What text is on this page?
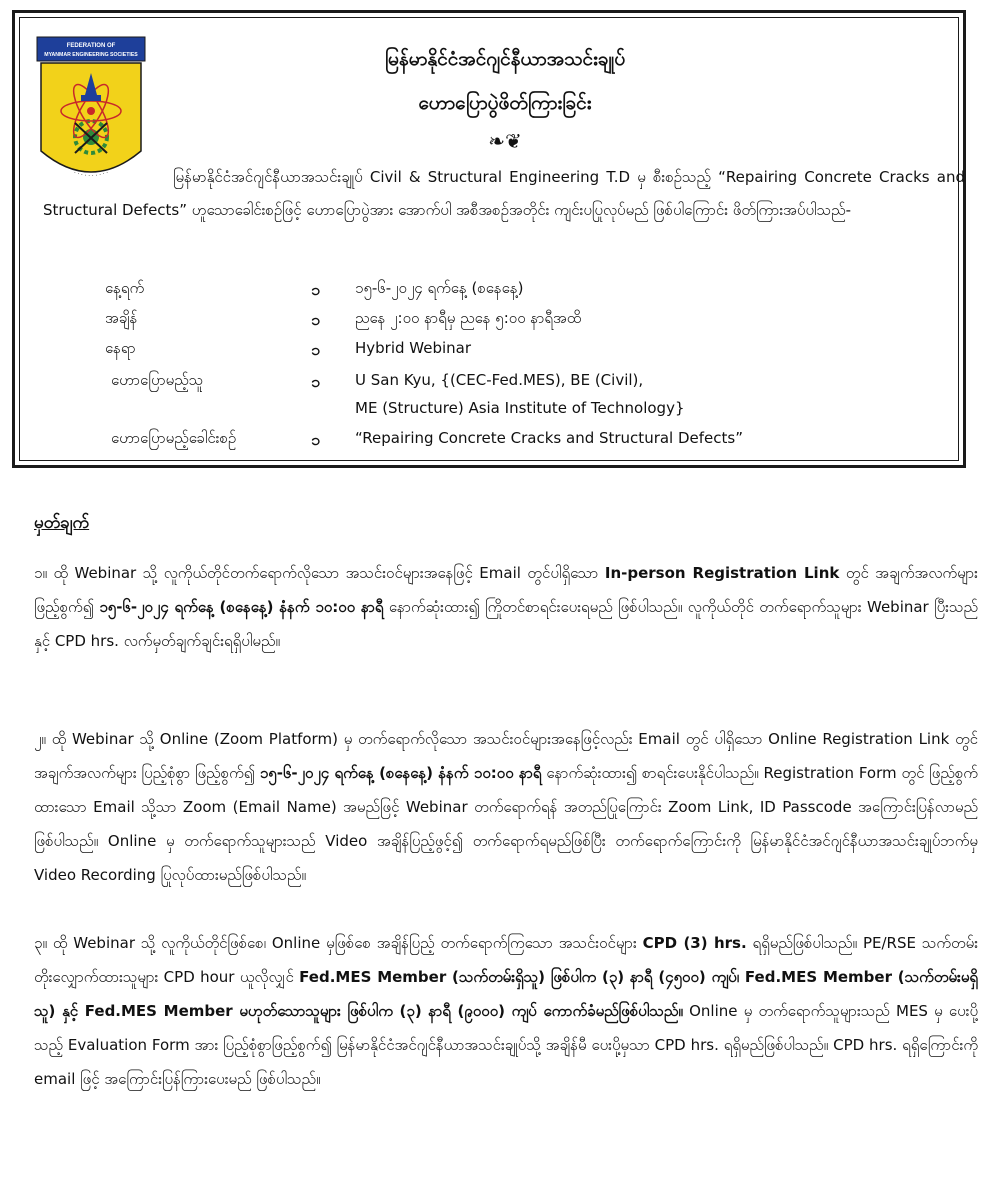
FEDERATION OF
MYANMAR ENGINEERING SOCIETIES
· · · · · · · · · ·
မြန်မာနိုင်ငံအင်ဂျင်နီယာအသင်းချုပ်
ဟောပြောပွဲဖိတ်ကြားခြင်း
❧❦

မြန်မာနိုင်ငံအင်ဂျင်နီယာအသင်းချုပ် Civil & Structural Engineering T.D မှ စီးစဉ်သည့် “Repairing Concrete Cracks and Structural Defects” ဟူသောခေါင်းစဉ်ဖြင့် ဟောပြောပွဲအား အောက်ပါ အစီအစဉ်အတိုင်း ကျင်းပပြုလုပ်မည် ဖြစ်ပါကြောင်း ဖိတ်ကြားအပ်ပါသည်-

နေ့ရက်	၁ ၁၅-၆-၂၀၂၄ ရက်နေ့ (စနေနေ့)
အချိန်	၁ ညနေ ၂:၀၀ နာရီမှ ညနေ ၅:၀၀ နာရီအထိ
နေရာ	၁ Hybrid Webinar
ဟောပြောမည့်သူ	၁ U San Kyu, {(CEC-Fed.MES), BE (Civil),
ME (Structure) Asia Institute of Technology}
ဟောပြောမည့်ခေါင်းစဉ်	၁ “Repairing Concrete Cracks and Structural Defects”
မှတ်ချက်

၁။ ထို Webinar သို့ လူကိုယ်တိုင်တက်ရောက်လိုသော အသင်းဝင်များအနေဖြင့် Email တွင်ပါရှိသော In-person Registration Link တွင် အချက်အလက်များ ဖြည့်စွက်၍ ၁၅-၆-၂၀၂၄ ရက်နေ့ (စနေနေ့) နံနက် ၁၀:၀၀ နာရီ နောက်ဆုံးထား၍ ကြိုတင်စာရင်းပေးရမည် ဖြစ်ပါသည်။ လူကိုယ်တိုင် တက်ရောက်သူများ Webinar ပြီးသည်နှင့် CPD hrs. လက်မှတ်ချက်ချင်းရရှိပါမည်။

၂။ ထို Webinar သို့ Online (Zoom Platform) မှ တက်ရောက်လိုသော အသင်းဝင်များအနေဖြင့်လည်း Email တွင် ပါရှိသော Online Registration Link တွင် အချက်အလက်များ ပြည့်စုံစွာ ဖြည့်စွက်၍ ၁၅-၆-၂၀၂၄ ရက်နေ့ (စနေနေ့) နံနက် ၁၀:၀၀ နာရီ နောက်ဆုံးထား၍ စာရင်းပေးနိုင်ပါသည်။ Registration Form တွင် ဖြည့်စွက်ထားသော Email သို့သာ Zoom (Email Name) အမည်ဖြင့် Webinar တက်ရောက်ရန် အတည်ပြုကြောင်း Zoom Link, ID Passcode အကြောင်းပြန်လာမည် ဖြစ်ပါသည်။ Online မှ တက်ရောက်သူများသည် Video အချိန်ပြည့်ဖွင့်၍ တက်ရောက်ရမည်ဖြစ်ပြီး တက်ရောက်ကြောင်းကို မြန်မာနိုင်ငံအင်ဂျင်နီယာအသင်းချုပ်ဘက်မှ Video Recording ပြုလုပ်ထားမည်ဖြစ်ပါသည်။

၃။ ထို Webinar သို့ လူကိုယ်တိုင်ဖြစ်စေ၊ Online မှဖြစ်စေ အချိန်ပြည့် တက်ရောက်ကြသော အသင်းဝင်များ CPD (3) hrs. ရရှိမည်ဖြစ်ပါသည်။ PE/RSE သက်တမ်းတိုးလျှောက်ထားသူများ CPD hour ယူလိုလျှင် Fed.MES Member (သက်တမ်းရှိသူ) ဖြစ်ပါက (၃) နာရီ (၄၅၀၀) ကျပ်၊ Fed.MES Member (သက်တမ်းမရှိသူ) နှင့် Fed.MES Member မဟုတ်သောသူများ ဖြစ်ပါက (၃) နာရီ (၉၀၀၀) ကျပ် ကောက်ခံမည်ဖြစ်ပါသည်။ Online မှ တက်ရောက်သူများသည် MES မှ ပေးပို့သည့် Evaluation Form အား ပြည့်စုံစွာဖြည့်စွက်၍ မြန်မာနိုင်ငံအင်ဂျင်နီယာအသင်းချုပ်သို့ အချိန်မီ ပေးပို့မှသာ CPD hrs. ရရှိမည်ဖြစ်ပါသည်။ CPD hrs. ရရှိကြောင်းကို email ဖြင့် အကြောင်းပြန်ကြားပေးမည် ဖြစ်ပါသည်။
